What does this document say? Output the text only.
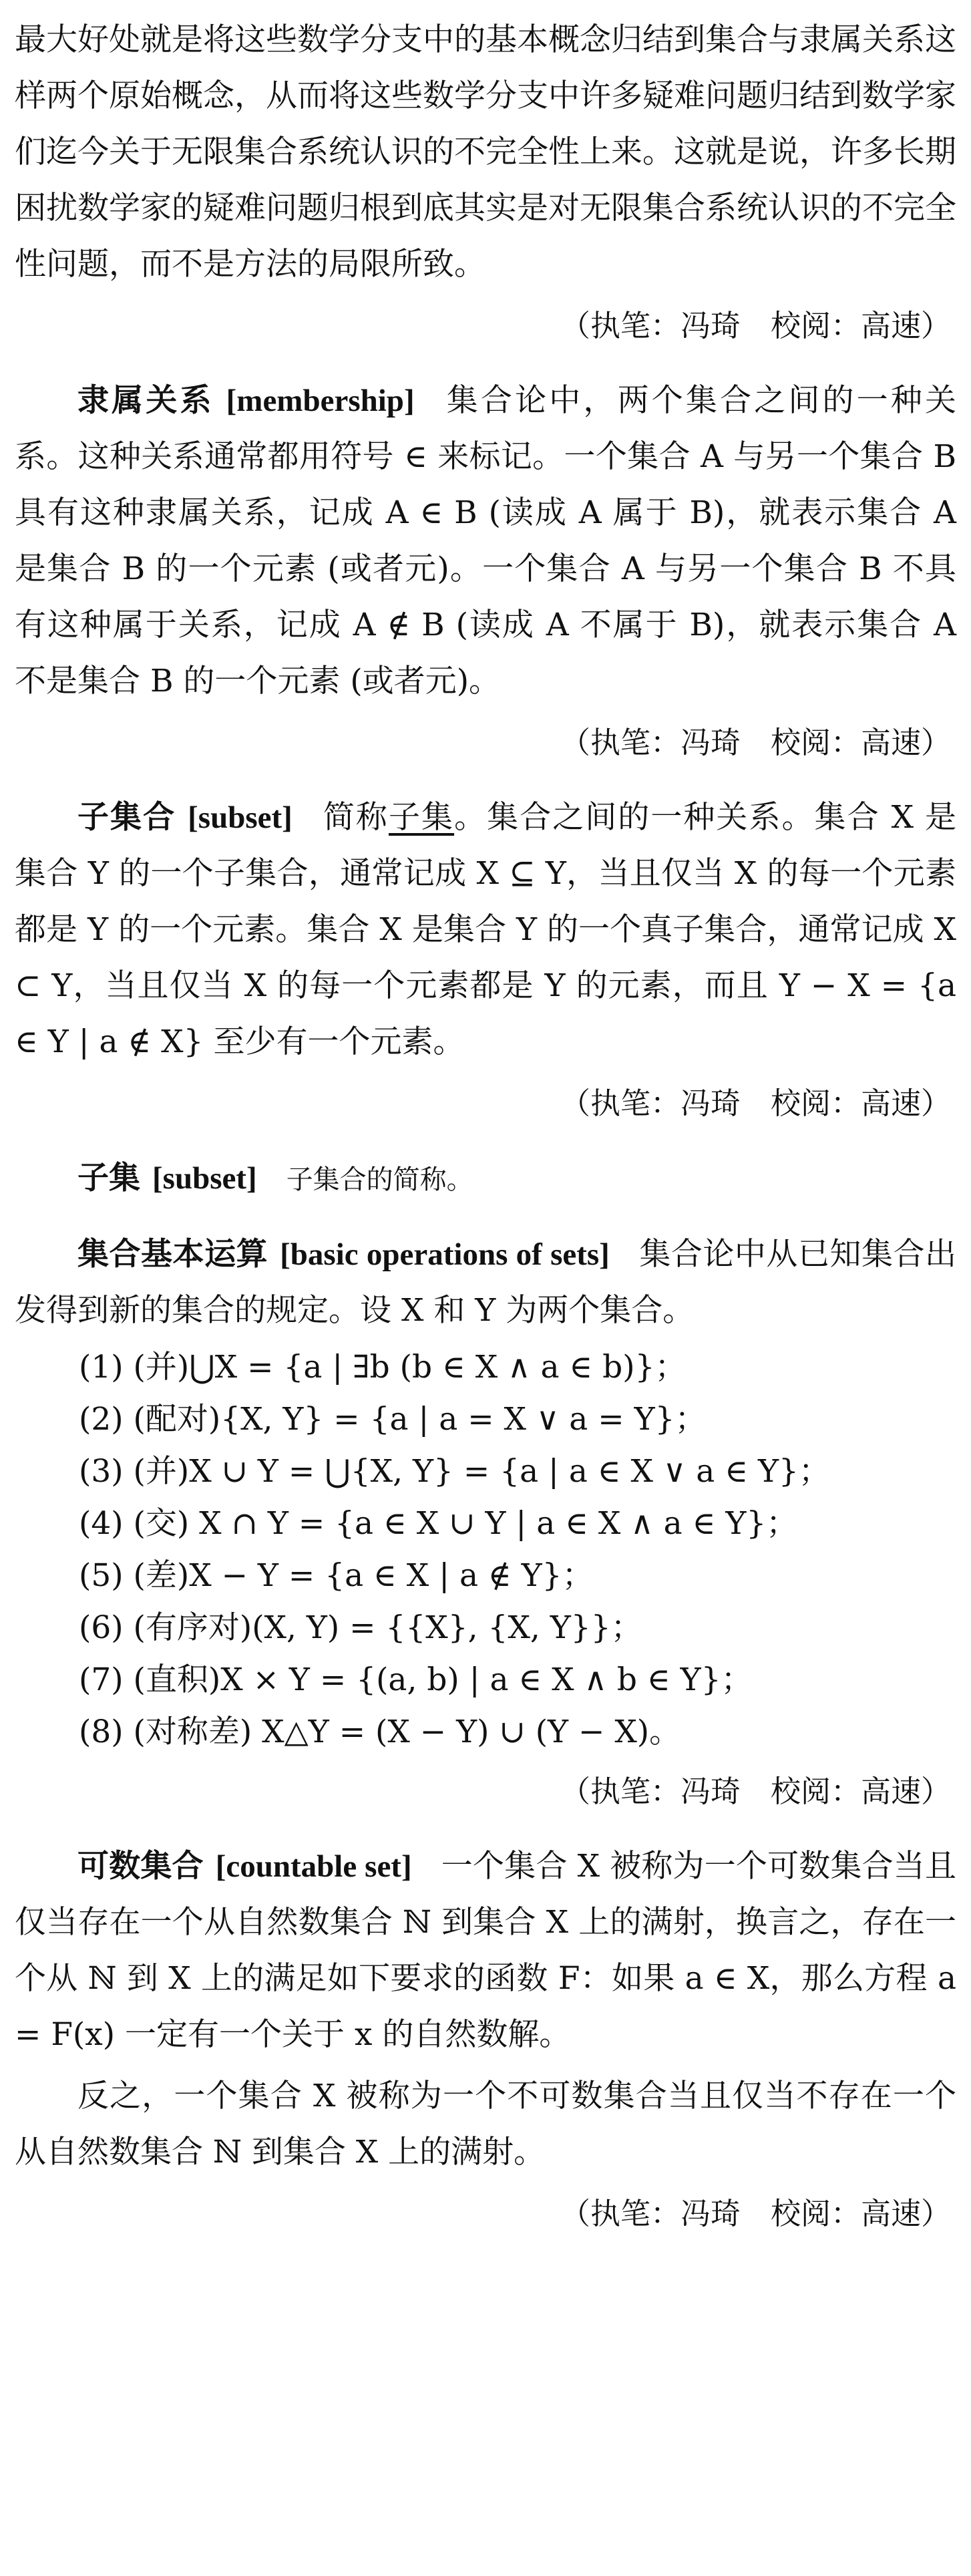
最大好处就是将这些数学分支中的基本概念归结到集合与隶属关系这样两个原始概念，从而将这些数学分支中许多疑难问题归结到数学家们迄今关于无限集合系统认识的不完全性上来。这就是说，许多长期困扰数学家的疑难问题归根到底其实是对无限集合系统认识的不完全性问题，而不是方法的局限所致。

（执笔：冯琦　校阅：高速）

隶属关系 [membership] 集合论中，两个集合之间的一种关系。这种关系通常都用符号 ∈ 来标记。一个集合 A 与另一个集合 B 具有这种隶属关系，记成 A ∈ B (读成 A 属于 B)，就表示集合 A 是集合 B 的一个元素 (或者元)。一个集合 A 与另一个集合 B 不具有这种属于关系，记成 A ∉ B (读成 A 不属于 B)，就表示集合 A 不是集合 B 的一个元素 (或者元)。

（执笔：冯琦　校阅：高速）

子集合 [subset] 简称子集。集合之间的一种关系。集合 X 是集合 Y 的一个子集合，通常记成 X ⊆ Y，当且仅当 X 的每一个元素都是 Y 的一个元素。集合 X 是集合 Y 的一个真子集合，通常记成 X ⊂ Y，当且仅当 X 的每一个元素都是 Y 的元素，而且 Y − X = {a ∈ Y | a ∉ X} 至少有一个元素。

（执笔：冯琦　校阅：高速）

子集 [subset] 子集合的简称。

集合基本运算 [basic operations of sets] 集合论中从已知集合出发得到新的集合的规定。设 X 和 Y 为两个集合。

(1) (并)⋃X = {a | ∃b (b ∈ X ∧ a ∈ b)}；
(2) (配对){X, Y} = {a | a = X ∨ a = Y}；
(3) (并)X ∪ Y = ⋃{X, Y} = {a | a ∈ X ∨ a ∈ Y}；
(4) (交) X ∩ Y = {a ∈ X ∪ Y | a ∈ X ∧ a ∈ Y}；
(5) (差)X − Y = {a ∈ X | a ∉ Y}；
(6) (有序对)(X, Y) = {{X}, {X, Y}}；
(7) (直积)X × Y = {(a, b) | a ∈ X ∧ b ∈ Y}；
(8) (对称差) X△Y = (X − Y) ∪ (Y − X)。
（执笔：冯琦　校阅：高速）

可数集合 [countable set] 一个集合 X 被称为一个可数集合当且仅当存在一个从自然数集合 ℕ 到集合 X 上的满射，换言之，存在一个从 ℕ 到 X 上的满足如下要求的函数 F：如果 a ∈ X，那么方程 a = F(x) 一定有一个关于 x 的自然数解。

反之，一个集合 X 被称为一个不可数集合当且仅当不存在一个从自然数集合 ℕ 到集合 X 上的满射。

（执笔：冯琦　校阅：高速）
